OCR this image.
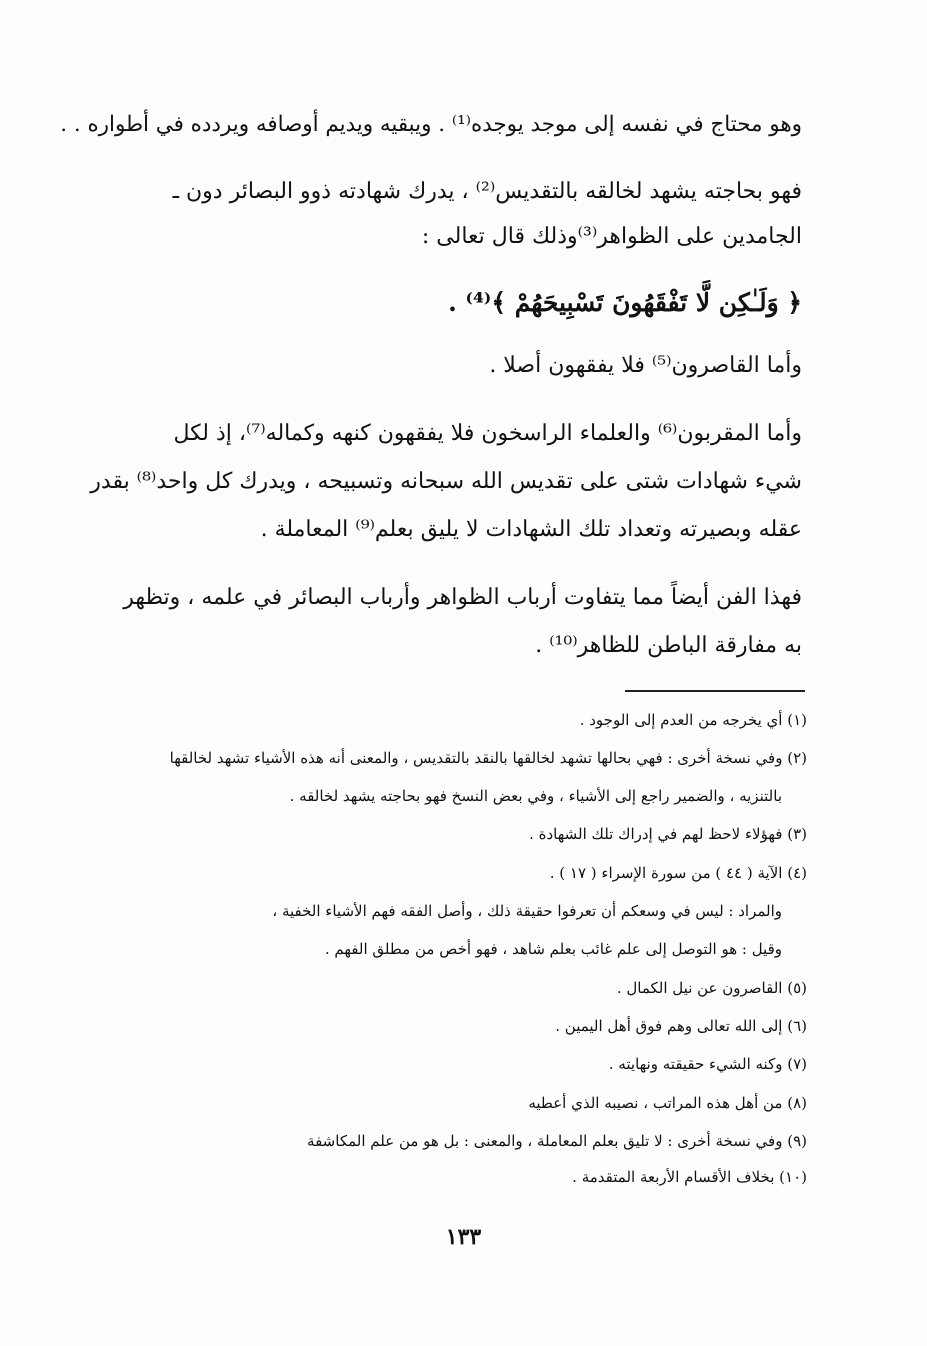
وهو محتاج في نفسه إلى موجد يوجده⁽¹⁾ . ويبقيه ويديم أوصافه ويردده في أطواره . .
فهو بحاجته يشهد لخالقه بالتقديس⁽²⁾ ، يدرك شهادته ذوو البصائر دون ـ
الجامدين على الظواهر⁽³⁾وذلك قال تعالى :
﴿ وَلَـٰكِن لَّا تَفْقَهُونَ تَسْبِيحَهُمْ ﴾⁽⁴⁾ .
وأما القاصرون⁽⁵⁾ فلا يفقهون أصلا .
وأما المقربون⁽⁶⁾ والعلماء الراسخون فلا يفقهون كنهه وكماله⁽⁷⁾، إذ لكل
شيء شهادات شتى على تقديس الله سبحانه وتسبيحه ، ويدرك كل واحد⁽⁸⁾ بقدر
عقله وبصيرته وتعداد تلك الشهادات لا يليق بعلم⁽⁹⁾ المعاملة .
فهذا الفن أيضاً مما يتفاوت أرباب الظواهر وأرباب البصائر في علمه ، وتظهر
به مفارقة الباطن للظاهر⁽¹⁰⁾ .
(١) أي يخرجه من العدم إلى الوجود .
(٢) وفي نسخة أخرى : فهي بحالها تشهد لخالقها بالنقد بالتقديس ، والمعنى أنه هذه الأشياء تشهد لخالقها
بالتنزيه ، والضمير راجع إلى الأشياء ، وفي بعض النسخ فهو بحاجته يشهد لخالقه .
(٣) فهؤلاء لاحظ لهم في إدراك تلك الشهادة .
(٤) الآية ( ٤٤ ) من سورة الإسراء ( ١٧ ) .
والمراد : ليس في وسعكم أن تعرفوا حقيقة ذلك ، وأصل الفقه فهم الأشياء الخفية ،
وقيل : هو التوصل إلى علم غائب بعلم شاهد ، فهو أخص من مطلق الفهم .
(٥) القاصرون عن نيل الكمال .
(٦) إلى الله تعالى وهم فوق أهل اليمين .
(٧) وكنه الشيء حقيقته ونهايته .
(٨) من أهل هذه المراتب ، نصيبه الذي أعطيه
(٩) وفي نسخة أخرى : لا تليق بعلم المعاملة ، والمعنى : بل هو من علم المكاشفة
(١٠) بخلاف الأقسام الأربعة المتقدمة .
١٣٣
